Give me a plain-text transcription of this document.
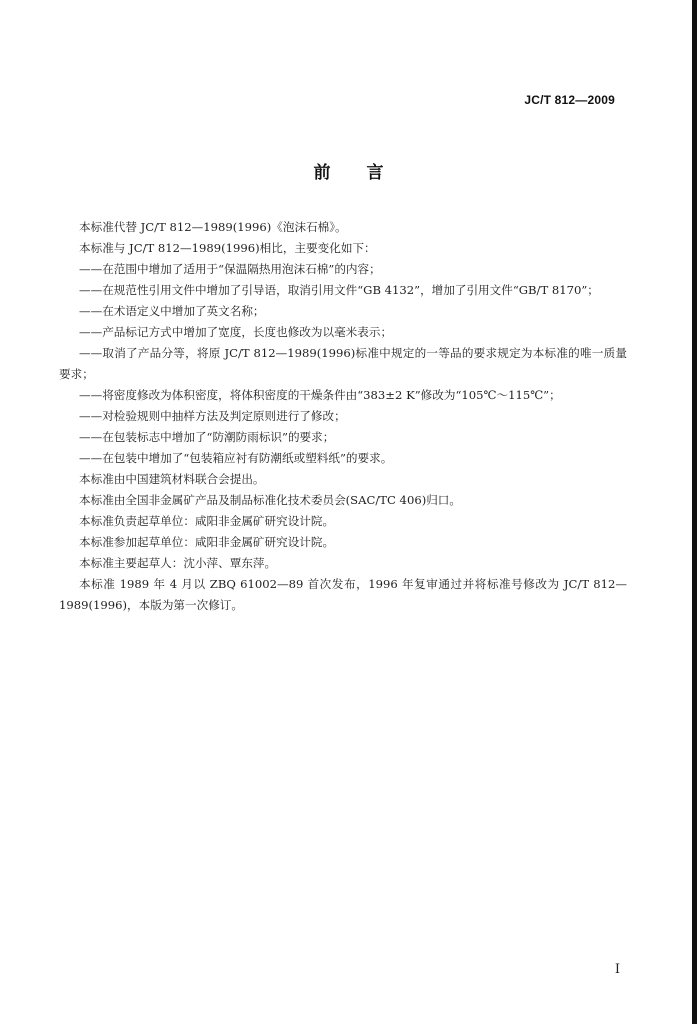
JC/T 812—2009
前言

本标准代替 JC/T 812—1989(1996)《泡沫石棉》。

本标准与 JC/T 812—1989(1996)相比，主要变化如下：

——在范围中增加了适用于“保温隔热用泡沫石棉”的内容；

——在规范性引用文件中增加了引导语，取消引用文件“GB 4132”，增加了引用文件“GB/T 8170”；

——在术语定义中增加了英文名称；

——产品标记方式中增加了宽度，长度也修改为以毫米表示；

——取消了产品分等，将原 JC/T 812—1989(1996)标准中规定的一等品的要求规定为本标准的唯一质量要求；

——将密度修改为体积密度，将体积密度的干燥条件由“383±2 K”修改为“105℃～115℃”；

——对检验规则中抽样方法及判定原则进行了修改；

——在包装标志中增加了“防潮防雨标识”的要求；

——在包装中增加了“包装箱应衬有防潮纸或塑料纸”的要求。

本标准由中国建筑材料联合会提出。

本标准由全国非金属矿产品及制品标准化技术委员会(SAC/TC 406)归口。

本标准负责起草单位：咸阳非金属矿研究设计院。

本标准参加起草单位：咸阳非金属矿研究设计院。

本标准主要起草人：沈小萍、覃东萍。

本标准 1989 年 4 月以 ZBQ 61002—89 首次发布，1996 年复审通过并将标准号修改为 JC/T 812—1989(1996)，本版为第一次修订。

I
